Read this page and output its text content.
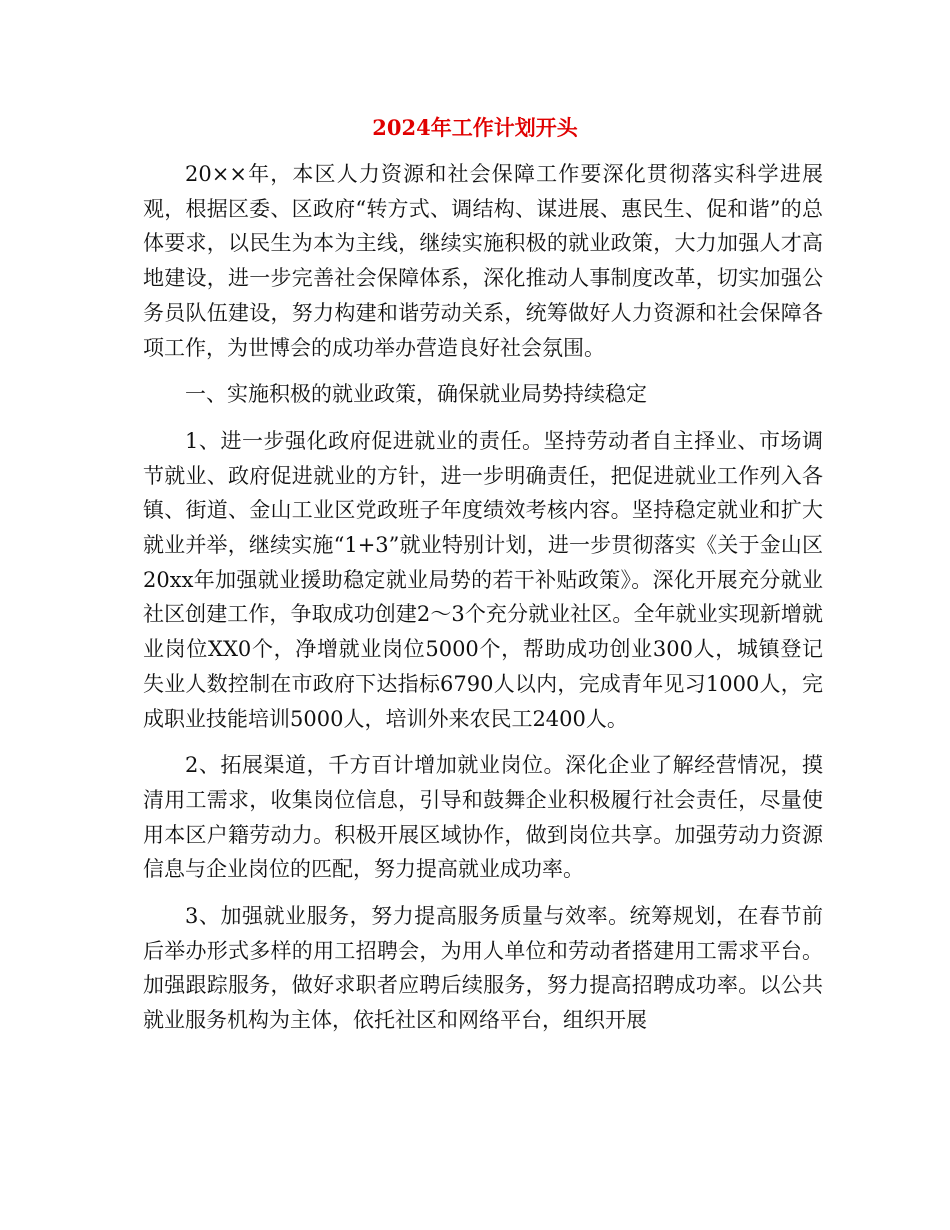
2024年工作计划开头

20××年，本区人力资源和社会保障工作要深化贯彻落实科学进展观，根据区委、区政府“转方式、调结构、谋进展、惠民生、促和谐”的总体要求，以民生为本为主线，继续实施积极的就业政策，大力加强人才高地建设，进一步完善社会保障体系，深化推动人事制度改革，切实加强公务员队伍建设，努力构建和谐劳动关系，统筹做好人力资源和社会保障各项工作，为世博会的成功举办营造良好社会氛围。

一、实施积极的就业政策，确保就业局势持续稳定

1、进一步强化政府促进就业的责任。坚持劳动者自主择业、市场调节就业、政府促进就业的方针，进一步明确责任，把促进就业工作列入各镇、街道、金山工业区党政班子年度绩效考核内容。坚持稳定就业和扩大就业并举，继续实施“1+3”就业特别计划，进一步贯彻落实《关于金山区20xx年加强就业援助稳定就业局势的若干补贴政策》。深化开展充分就业社区创建工作，争取成功创建2～3个充分就业社区。全年就业实现新增就业岗位XX0个，净增就业岗位5000个，帮助成功创业300人，城镇登记失业人数控制在市政府下达指标6790人以内，完成青年见习1000人，完成职业技能培训5000人，培训外来农民工2400人。

2、拓展渠道，千方百计增加就业岗位。深化企业了解经营情况，摸清用工需求，收集岗位信息，引导和鼓舞企业积极履行社会责任，尽量使用本区户籍劳动力。积极开展区域协作，做到岗位共享。加强劳动力资源信息与企业岗位的匹配，努力提高就业成功率。

3、加强就业服务，努力提高服务质量与效率。统筹规划，在春节前后举办形式多样的用工招聘会，为用人单位和劳动者搭建用工需求平台。加强跟踪服务，做好求职者应聘后续服务，努力提高招聘成功率。以公共就业服务机构为主体，依托社区和网络平台，组织开展
